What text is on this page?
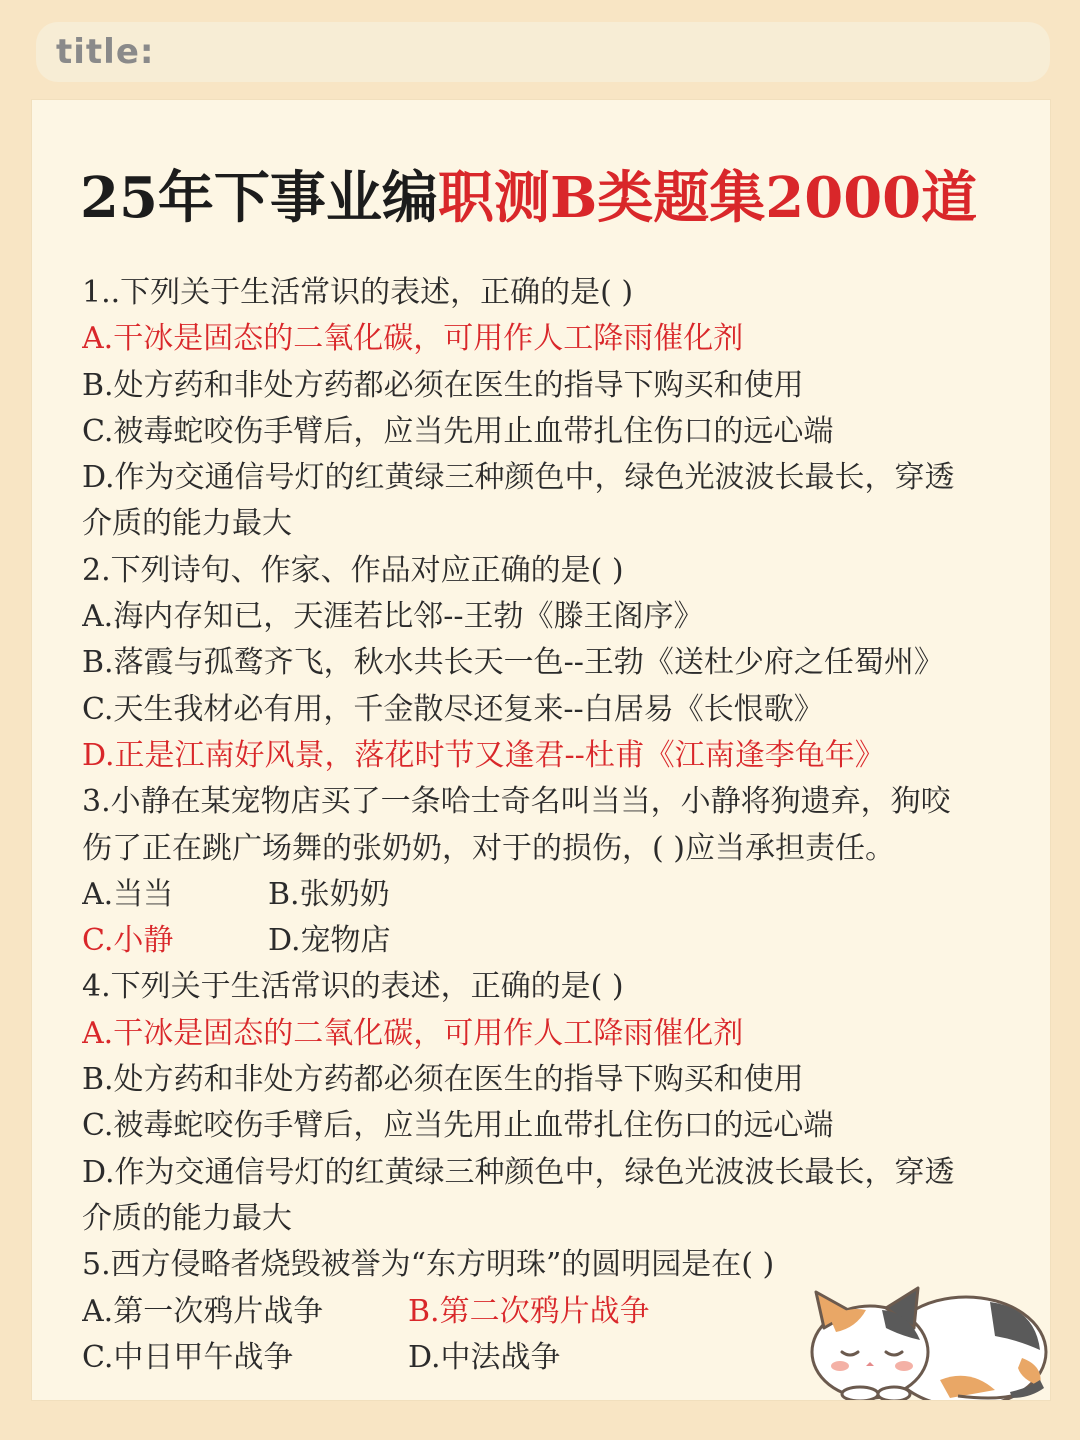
title:
25年下事业编职测B类题集2000道
1..下列关于生活常识的表述，正确的是( )
A.干冰是固态的二氧化碳，可用作人工降雨催化剂
B.处方药和非处方药都必须在医生的指导下购买和使用
C.被毒蛇咬伤手臂后，应当先用止血带扎住伤口的远心端
D.作为交通信号灯的红黄绿三种颜色中，绿色光波波长最长，穿透
介质的能力最大
2.下列诗句、作家、作品对应正确的是( )
A.海内存知已，天涯若比邻--王勃《滕王阁序》
B.落霞与孤鹜齐飞，秋水共长天一色--王勃《送杜少府之任蜀州》
C.天生我材必有用，千金散尽还复来--白居易《长恨歌》
D.正是江南好风景，落花时节又逢君--杜甫《江南逢李龟年》
3.小静在某宠物店买了一条哈士奇名叫当当，小静将狗遗弃，狗咬
伤了正在跳广场舞的张奶奶，对于的损伤，( )应当承担责任。
A.当当	B.张奶奶
C.小静	D.宠物店
4.下列关于生活常识的表述，正确的是( )
A.干冰是固态的二氧化碳，可用作人工降雨催化剂
B.处方药和非处方药都必须在医生的指导下购买和使用
C.被毒蛇咬伤手臂后，应当先用止血带扎住伤口的远心端
D.作为交通信号灯的红黄绿三种颜色中，绿色光波波长最长，穿透
介质的能力最大
5.西方侵略者烧毁被誉为“东方明珠”的圆明园是在( )
A.第一次鸦片战争	B.第二次鸦片战争
C.中日甲午战争	D.中法战争
